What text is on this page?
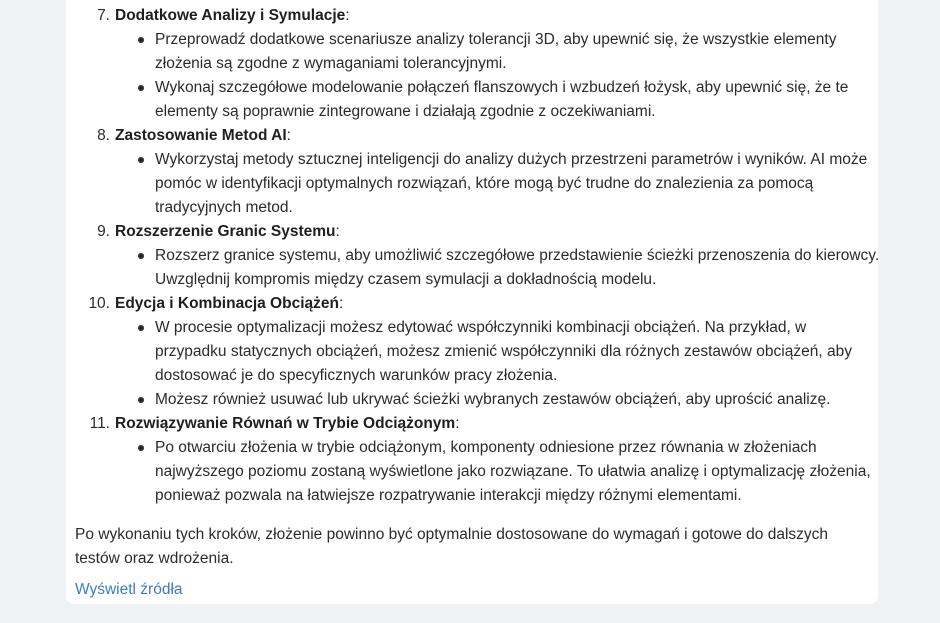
7. Dodatkowe Analizy i Symulacje:
Przeprowadź dodatkowe scenariusze analizy tolerancji 3D, aby upewnić się, że wszystkie elementy złożenia są zgodne z wymaganiami tolerancyjnymi.
Wykonaj szczegółowe modelowanie połączeń flanszowych i wzbudzeń łożysk, aby upewnić się, że te elementy są poprawnie zintegrowane i działają zgodnie z oczekiwaniami.
8. Zastosowanie Metod AI:
Wykorzystaj metody sztucznej inteligencji do analizy dużych przestrzeni parametrów i wyników. AI może pomóc w identyfikacji optymalnych rozwiązań, które mogą być trudne do znalezienia za pomocą tradycyjnych metod.
9. Rozszerzenie Granic Systemu:
Rozszerz granice systemu, aby umożliwić szczegółowe przedstawienie ścieżki przenoszenia do kierowcy. Uwzględnij kompromis między czasem symulacji a dokładnością modelu.
10. Edycja i Kombinacja Obciążeń:
W procesie optymalizacji możesz edytować współczynniki kombinacji obciążeń. Na przykład, w przypadku statycznych obciążeń, możesz zmienić współczynniki dla różnych zestawów obciążeń, aby dostosować je do specyficznych warunków pracy złożenia.
Możesz również usuwać lub ukrywać ścieżki wybranych zestawów obciążeń, aby uprościć analizę.
11. Rozwiązywanie Równań w Trybie Odciążonym:
Po otwarciu złożenia w trybie odciążonym, komponenty odniesione przez równania w złożeniach najwyższego poziomu zostaną wyświetlone jako rozwiązane. To ułatwia analizę i optymalizację złożenia, ponieważ pozwala na łatwiejsze rozpatrywanie interakcji między różnymi elementami.
Po wykonaniu tych kroków, złożenie powinno być optymalnie dostosowane do wymagań i gotowe do dalszych testów oraz wdrożenia.
Wyświetl źródła
